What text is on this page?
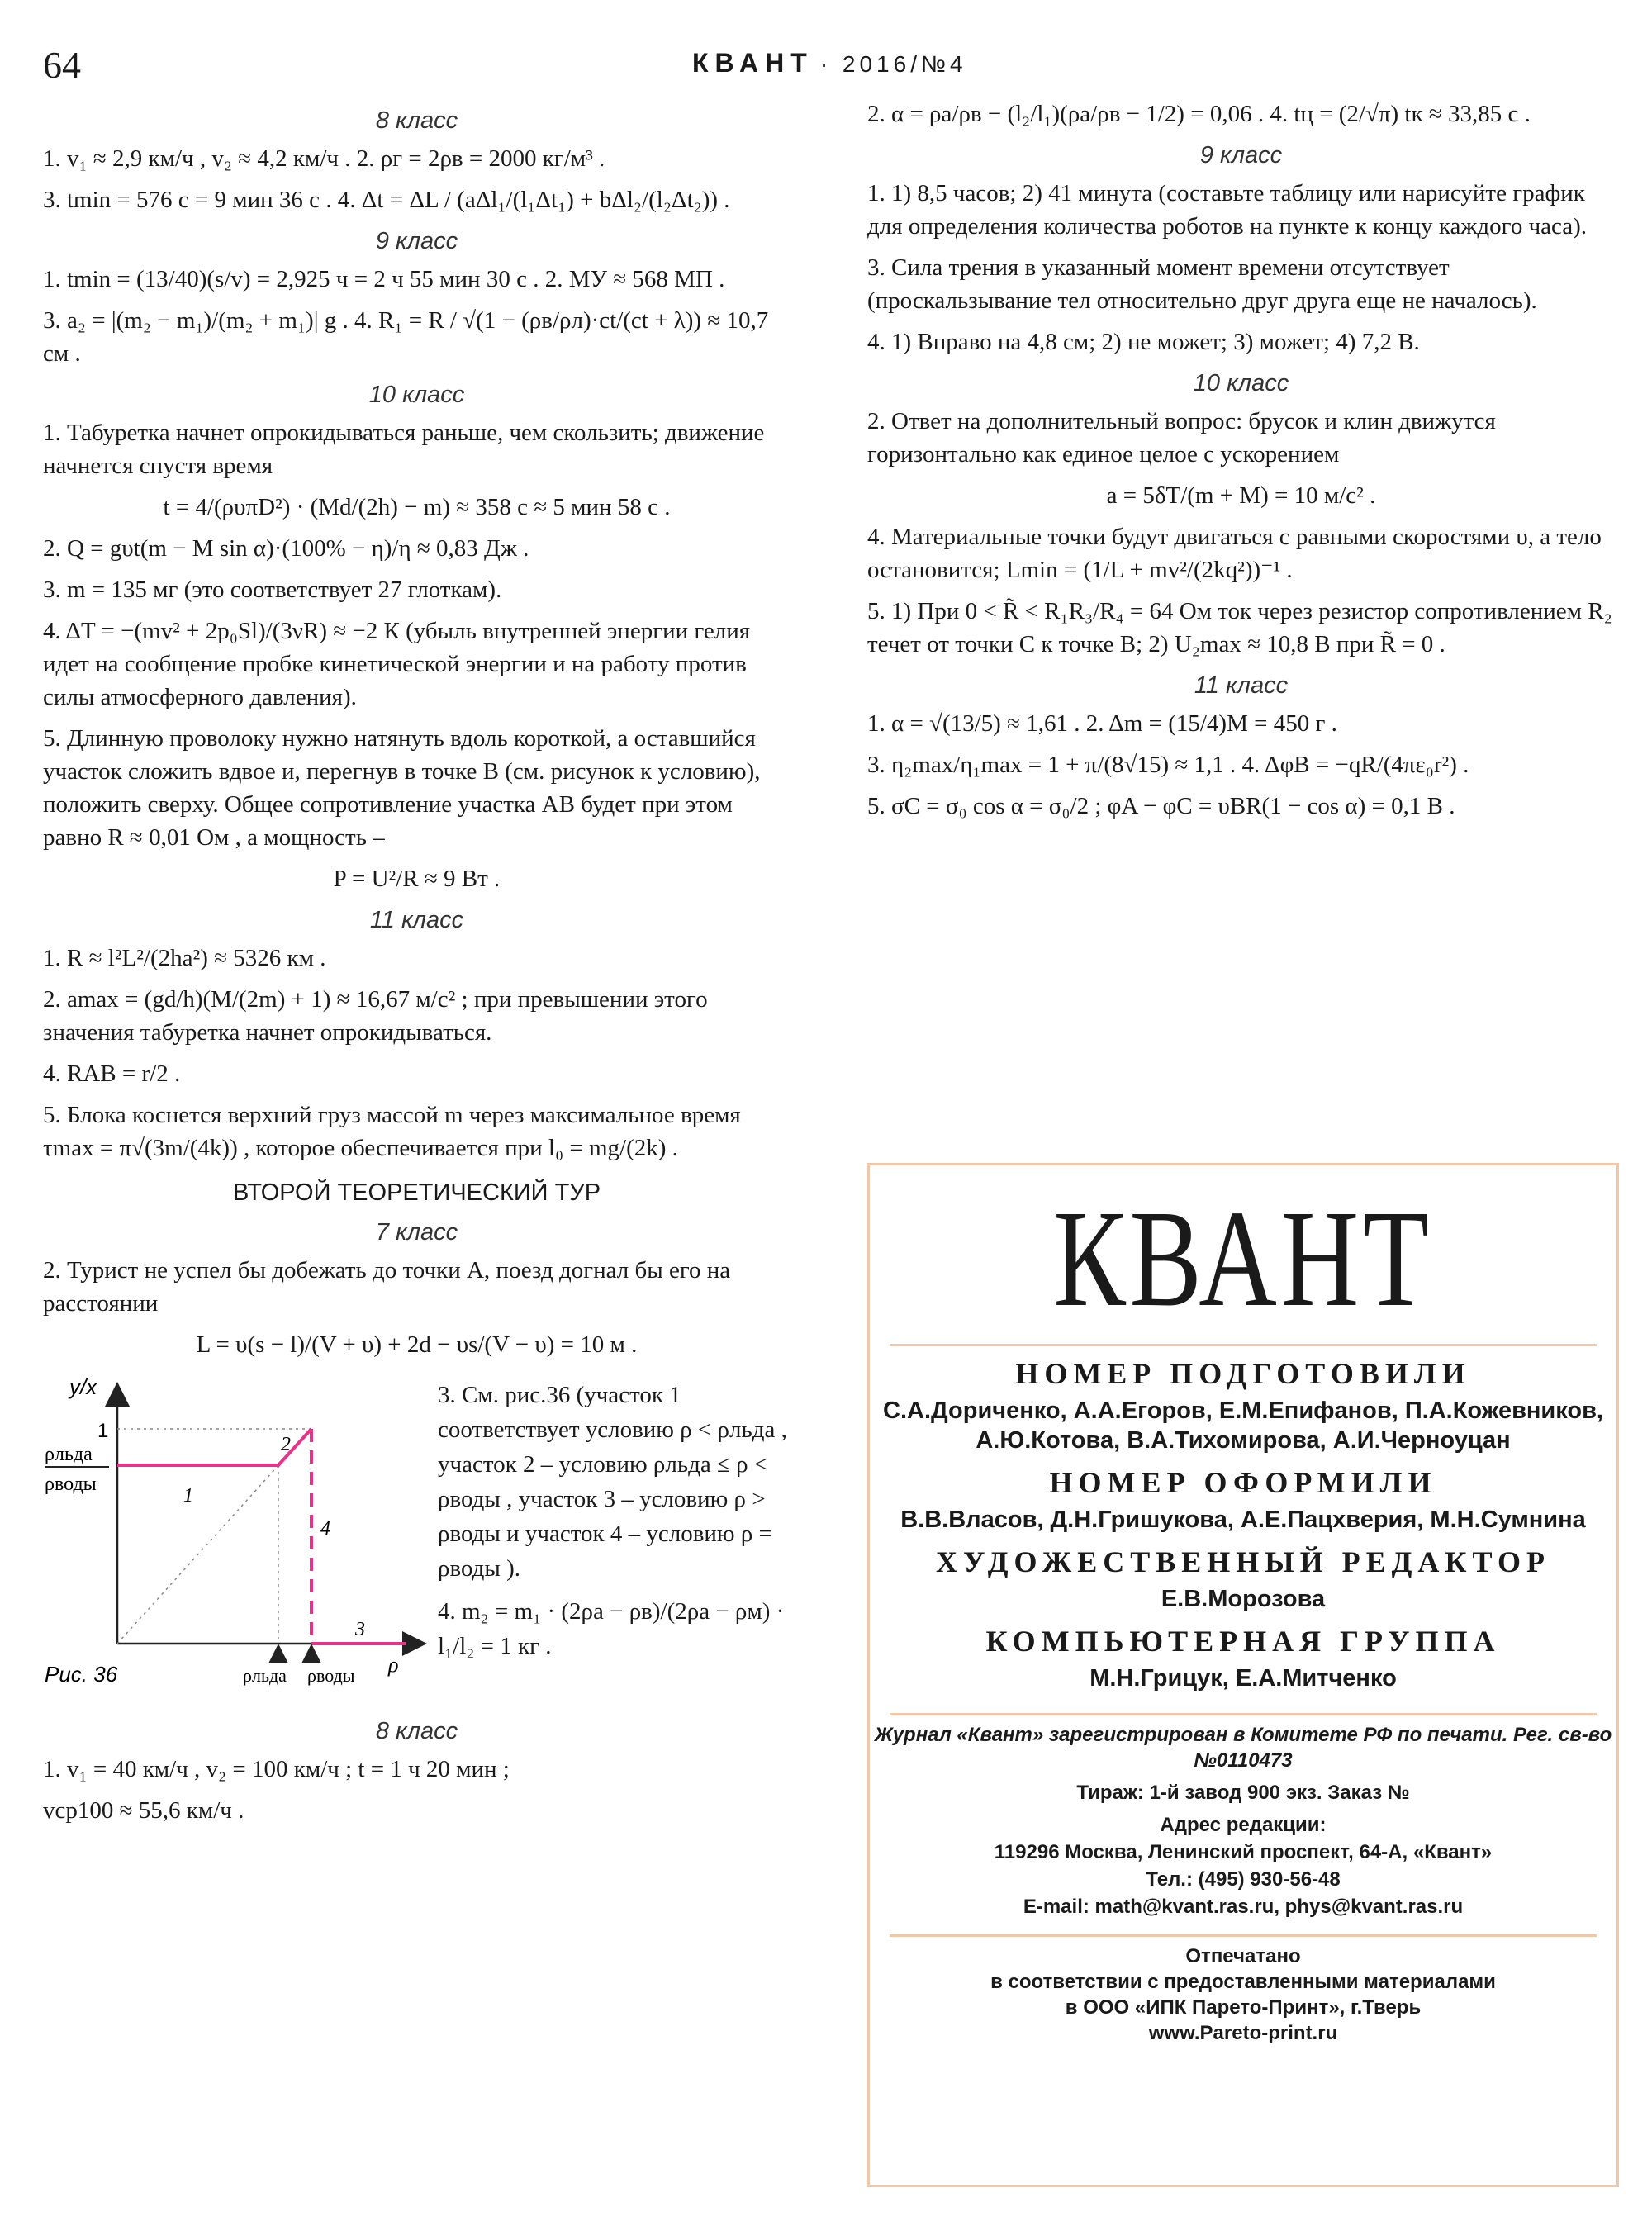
64	КВАНТ · 2016/№4
8 класс
1. v₁ ≈ 2,9 км/ч , v₂ ≈ 4,2 км/ч . 2. ρг = 2ρв = 2000 кг/м³ .
3. tmin = 576 с = 9 мин 36 с . 4. Δt = ΔL / (aΔl₁/(l₁Δt₁) + bΔl₂/(l₂Δt₂)) .
9 класс
1. tmin = (13/40)(s/v) = 2,925 ч = 2 ч 55 мин 30 с . 2. MУ ≈ 568 MП .
3. a₂ = |(m₂ − m₁)/(m₂ + m₁)| g . 4. R₁ = R / √(1 − (ρв/ρл)·ct/(ct + λ)) ≈ 10,7 см .
10 класс
1. Табуретка начнет опрокидываться раньше, чем скользить; движение начнется спустя время
t = 4/(ρυπD²) · (Md/(2h) − m) ≈ 358 с ≈ 5 мин 58 с .
2. Q = gυt(m − M sin α)·(100% − η)/η ≈ 0,83 Дж .
3. m = 135 мг (это соответствует 27 глоткам).
4. ΔT = −(mv² + 2p₀Sl)/(3νR) ≈ −2 К (убыль внутренней энергии гелия идет на сообщение пробке кинетической энергии и на работу против силы атмосферного давления).
5. Длинную проволоку нужно натянуть вдоль короткой, а оставшийся участок сложить вдвое и, перегнув в точке B (см. рисунок к условию), положить сверху. Общее сопротивление участка AB будет при этом равно R ≈ 0,01 Ом , а мощность –
P = U²/R ≈ 9 Вт .
11 класс
1. R ≈ l²L²/(2ha²) ≈ 5326 км .
2. amax = (gd/h)(M/(2m) + 1) ≈ 16,67 м/с² ; при превышении этого значения табуретка начнет опрокидываться.
4. RAB = r/2 .
5. Блока коснется верхний груз массой m через максимальное время τmax = π√(3m/(4k)) , которое обеспечивается при l₀ = mg/(2k) .
ВТОРОЙ ТЕОРЕТИЧЕСКИЙ ТУР
7 класс
2. Турист не успел бы добежать до точки A, поезд догнал бы его на расстоянии
L = υ(s − l)/(V + υ) + 2d − υs/(V − υ) = 10 м .
y/x
1
ρльда
ρводы
1
2
4
3
ρ
ρльда ρводы
Рис. 36
3. См. рис.36 (участок 1 соответствует условию ρ < ρльда , участок 2 – условию ρльда ≤ ρ < ρводы , участок 3 – условию ρ > ρводы и участок 4 – условию ρ = ρводы ).
4. m₂ = m₁ · (2ρа − ρв)/(2ρа − ρм) · l₁/l₂ = 1 кг .
8 класс
1. v₁ = 40 км/ч , v₂ = 100 км/ч ; t = 1 ч 20 мин ;
vср100 ≈ 55,6 км/ч .
2. α = ρа/ρв − (l₂/l₁)(ρа/ρв − 1/2) = 0,06 . 4. tц = (2/√π) tк ≈ 33,85 с .
9 класс
1. 1) 8,5 часов; 2) 41 минута (составьте таблицу или нарисуйте график для определения количества роботов на пункте к концу каждого часа).
3. Сила трения в указанный момент времени отсутствует (проскальзывание тел относительно друг друга еще не началось).
4. 1) Вправо на 4,8 см; 2) не может; 3) может; 4) 7,2 В.
10 класс
2. Ответ на дополнительный вопрос: брусок и клин движутся горизонтально как единое целое с ускорением
a = 5δT/(m + M) = 10 м/с² .
4. Материальные точки будут двигаться с равными скоростями υ, а тело остановится; Lmin = (1/L + mv²/(2kq²))⁻¹ .
5. 1) При 0 < R̃ < R₁R₃/R₄ = 64 Ом ток через резистор сопротивлением R₂ течет от точки C к точке B; 2) U₂max ≈ 10,8 В при R̃ = 0 .
11 класс
1. α = √(13/5) ≈ 1,61 . 2. Δm = (15/4)M = 450 г .
3. η₂max/η₁max = 1 + π/(8√15) ≈ 1,1 . 4. ΔφB = −qR/(4πε₀r²) .
5. σC = σ₀ cos α = σ₀/2 ; φA − φC = υBR(1 − cos α) = 0,1 В .
КВАНТ
НОМЕР ПОДГОТОВИЛИ
С.А.Дориченко, А.А.Егоров, Е.М.Епифанов, П.А.Кожевников, А.Ю.Котова, В.А.Тихомирова, А.И.Черноуцан
НОМЕР ОФОРМИЛИ
В.В.Власов, Д.Н.Гришукова, А.Е.Пацхверия, М.Н.Сумнина
ХУДОЖЕСТВЕННЫЙ РЕДАКТОР
Е.В.Морозова
КОМПЬЮТЕРНАЯ ГРУППА
М.Н.Грицук, Е.А.Митченко

Журнал «Квант» зарегистрирован в Комитете РФ по печати. Рег. св-во №0110473

Тираж: 1-й завод 900 экз. Заказ №

Адрес редакции:

119296 Москва, Ленинский проспект, 64-А, «Квант»

Тел.: (495) 930-56-48

E-mail: math@kvant.ras.ru, phys@kvant.ras.ru

Отпечатано

в соответствии с предоставленными материалами

в ООО «ИПК Парето-Принт», г.Тверь

www.Pareto-print.ru
